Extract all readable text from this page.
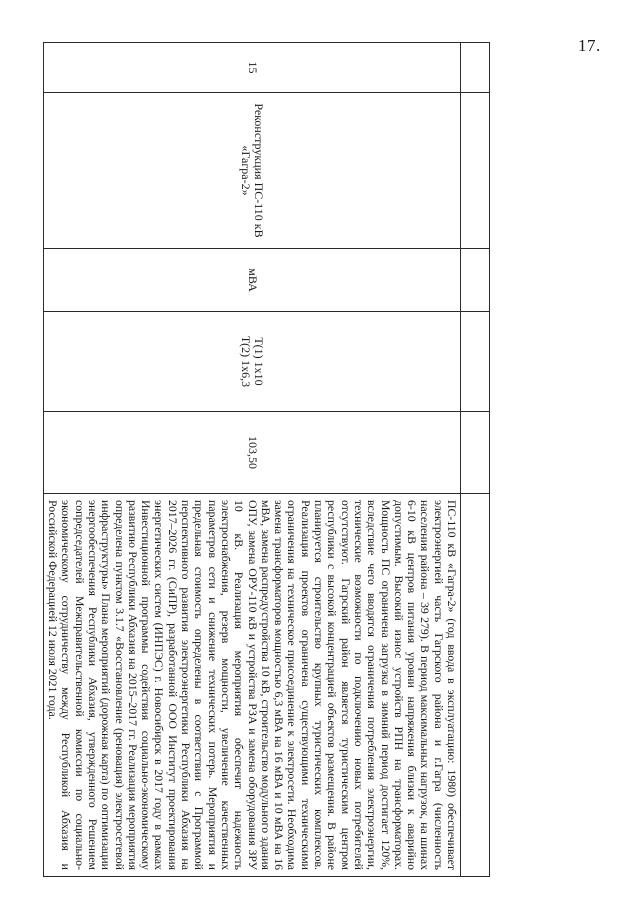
17.

15	Реконструкция ПС-110 кВ «Гагра-2»	мВА	T(1) 1x10
T(2) 1x6,3	103,50	ПС-110 кВ «Гагра-2» (год ввода в эксплуатацию: 1980) обеспечивает электроэнергией часть Гагрского района и г.Гагра (численность населения района – 39 279). В период максимальных нагрузок, на шинах 6-10 кВ центров питания уровни напряжения близки к аварийно допустимым. Высокий износ устройств РПН на трансформаторах. Мощность ПС ограничена загрузка в зимний период достигает 120%, вследствие чего вводятся ограничения потребления электроэнергии, технические возможности по подключению новых потребителей отсутствуют. Гагрский район является туристическим центром республики с высокой концентрацией объектов размещения. В районе планируется строительство крупных туристических комплексов. Реализация проектов ограничена существующими техническими ограничения на техническое присоединение к электросети. Необходима замена трансформаторов мощностью 6,3 мВА на 16 мВА и 10 мВА на 16 мВА, замена распредустройства 10 кВ, строительство модульного здания ОПУ, замена ОРУ-110 кВ и устройства РЗА и замена оборудования ЗРУ 10 кВ. Реализация мероприятия обеспечит надежность электроснабжения, резерв мощности, увеличение качественных параметров сети и снижение технических потерь. Мероприятия и предельная стоимость определены в соответствии с Программой перспективного развития электроэнергетики Республики Абхазия на 2017–2026 гг. (СиПР), разработанной ООО Институт проектирования энергетических систем (ИНПЭС) г. Новосибирск в 2017 году в рамках Инвестиционной программы содействия социально-экономическому развитию Республики Абхазия на 2015–2017 гг. Реализация мероприятия определена пунктом 3.1.7 «Восстановление (реновация) электросетевой инфраструктуры» Плана мероприятий (дорожная карта) по оптимизации энергообеспечения Республики Абхазия, утвержденного Решением сопредседателей Межправительственной комиссии по социально-экономическому сотрудничеству между Республикой Абхазия и Российской Федерацией 12 июля 2021 года.
